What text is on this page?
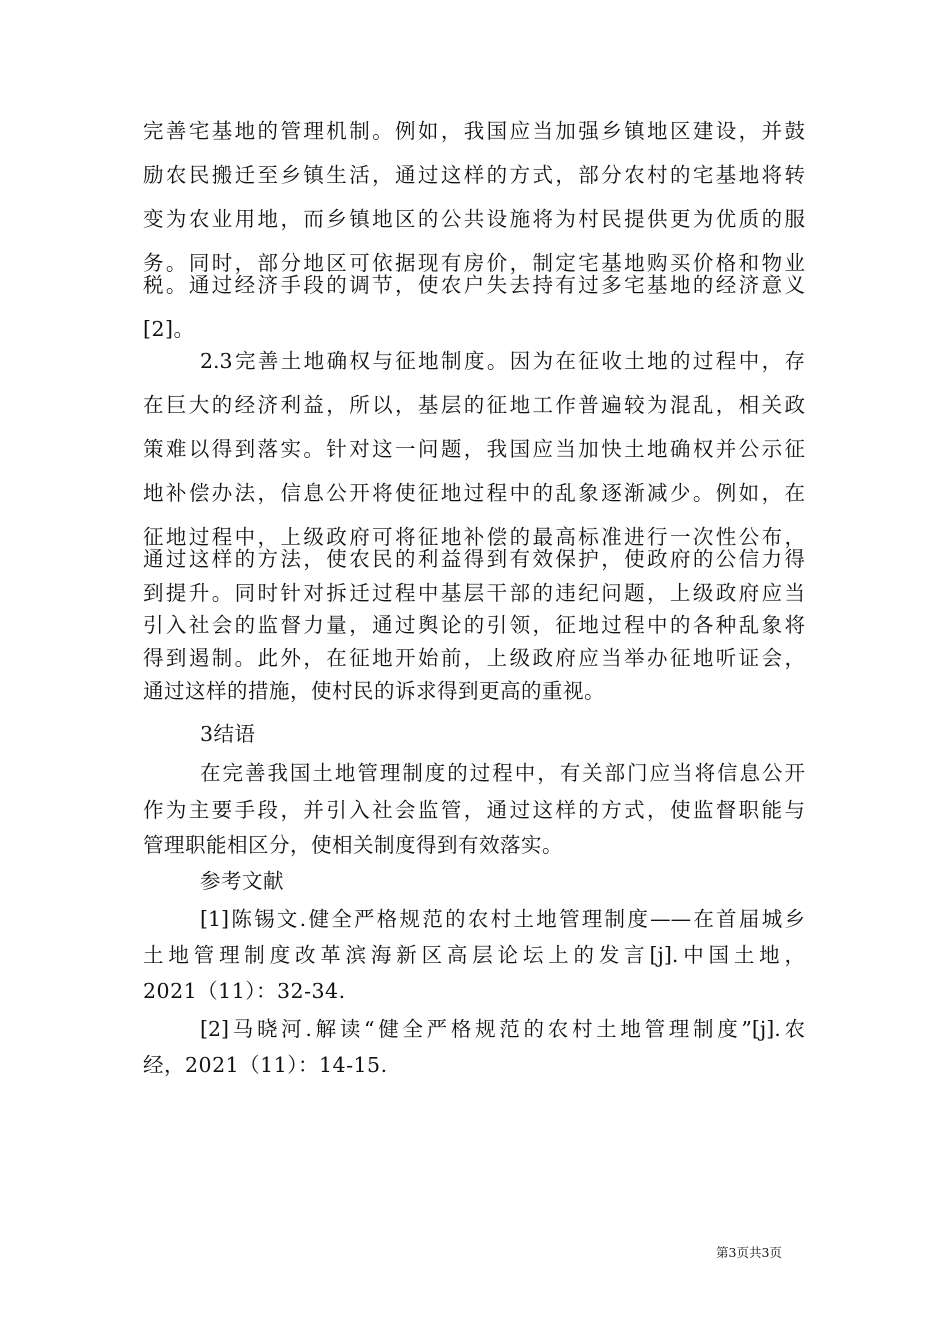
完善宅基地的管理机制。例如，我国应当加强乡镇地区建设，并鼓
励农民搬迁至乡镇生活，通过这样的方式，部分农村的宅基地将转
变为农业用地，而乡镇地区的公共设施将为村民提供更为优质的服
务。同时，部分地区可依据现有房价，制定宅基地购买价格和物业
税。通过经济手段的调节，使农户失去持有过多宅基地的经济意义
[2]。
2.3完善土地确权与征地制度。因为在征收土地的过程中，存
在巨大的经济利益，所以，基层的征地工作普遍较为混乱，相关政
策难以得到落实。针对这一问题，我国应当加快土地确权并公示征
地补偿办法，信息公开将使征地过程中的乱象逐渐减少。例如，在
征地过程中，上级政府可将征地补偿的最高标准进行一次性公布，
通过这样的方法，使农民的利益得到有效保护，使政府的公信力得
到提升。同时针对拆迁过程中基层干部的违纪问题，上级政府应当
引入社会的监督力量，通过舆论的引领，征地过程中的各种乱象将
得到遏制。此外，在征地开始前，上级政府应当举办征地听证会，
通过这样的措施，使村民的诉求得到更高的重视。
3结语
在完善我国土地管理制度的过程中，有关部门应当将信息公开
作为主要手段，并引入社会监管，通过这样的方式，使监督职能与
管理职能相区分，使相关制度得到有效落实。
参考文献
[1]陈锡文.健全严格规范的农村土地管理制度——在首届城乡
土地管理制度改革滨海新区高层论坛上的发言[j].中国土地，
2021（11）：32-34.
[2]马晓河.解读“健全严格规范的农村土地管理制度”[j].农
经，2021（11）：14-15.
第3页共3页
